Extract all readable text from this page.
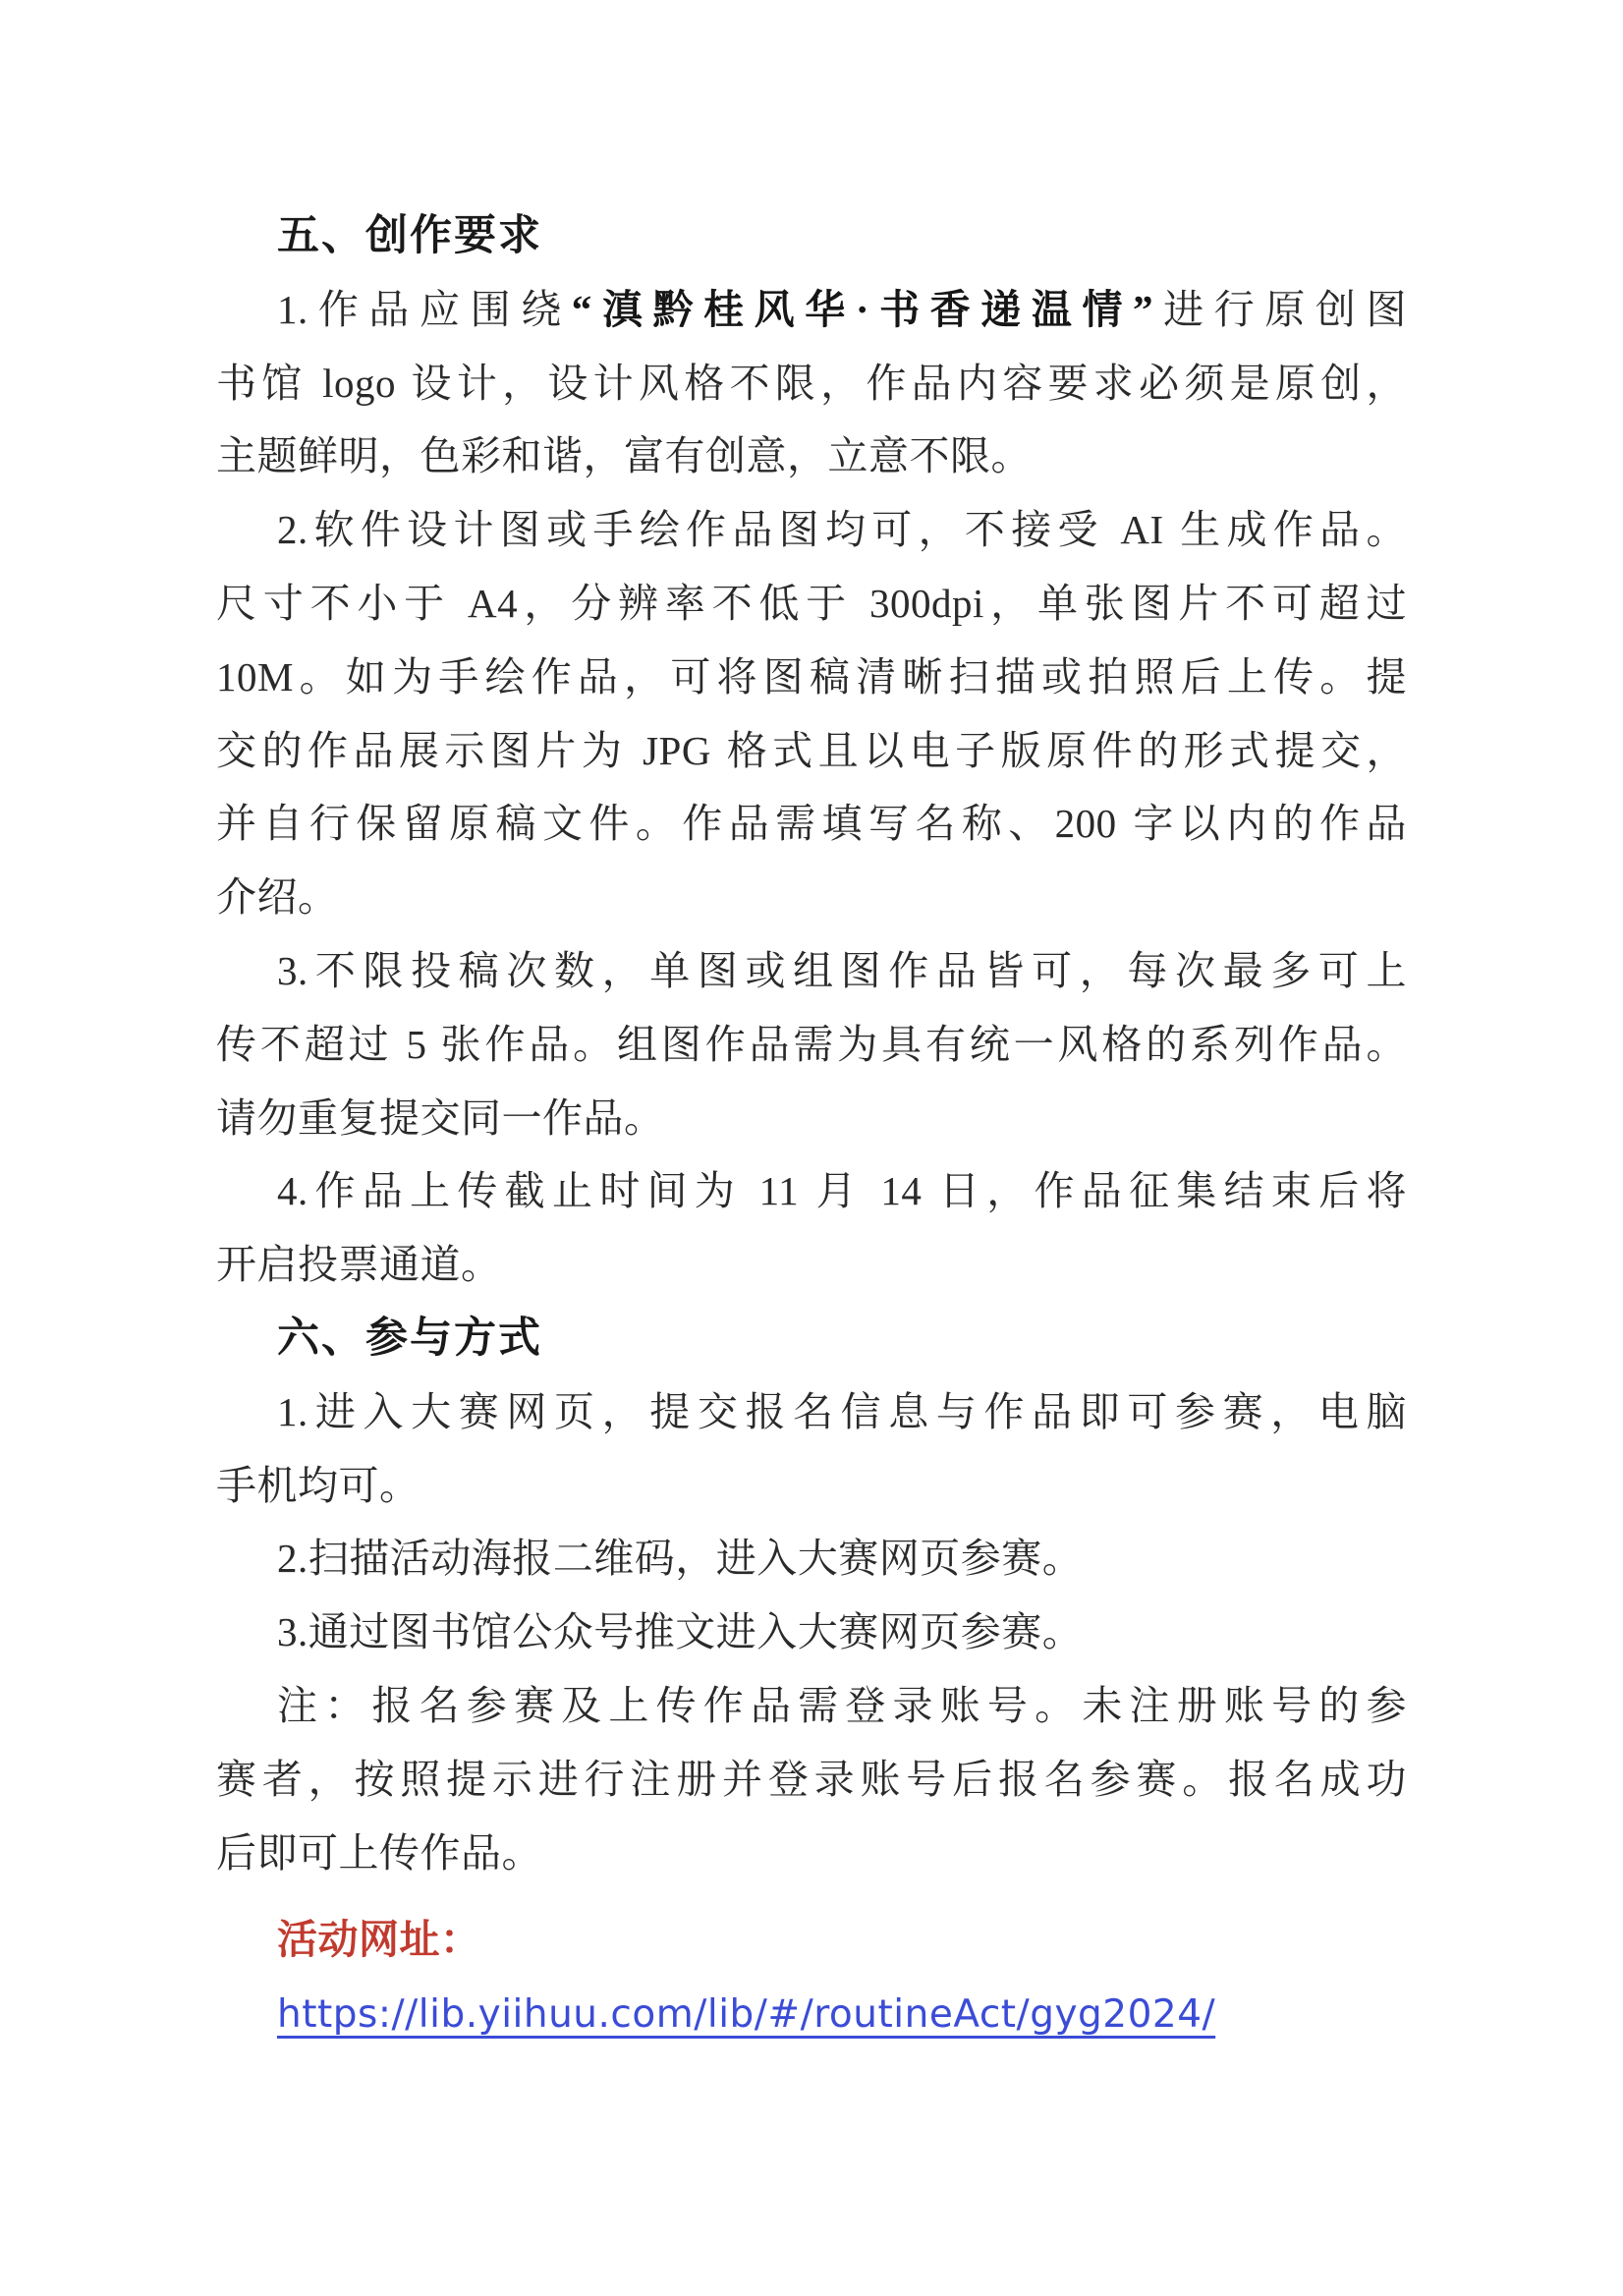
五、创作要求
1.作品应围绕“滇黔桂风华·书香递温情”进行原创图
书馆 logo 设计，设计风格不限，作品内容要求必须是原创，
主题鲜明，色彩和谐，富有创意，立意不限。
2.软件设计图或手绘作品图均可，不接受 AI 生成作品。
尺寸不小于 A4，分辨率不低于 300dpi，单张图片不可超过
10M。如为手绘作品，可将图稿清晰扫描或拍照后上传。提
交的作品展示图片为 JPG 格式且以电子版原件的形式提交，
并自行保留原稿文件。作品需填写名称、200 字以内的作品
介绍。
3.不限投稿次数，单图或组图作品皆可，每次最多可上
传不超过 5 张作品。组图作品需为具有统一风格的系列作品。
请勿重复提交同一作品。
4.作品上传截止时间为 11 月 14 日，作品征集结束后将
开启投票通道。
六、参与方式
1.进入大赛网页，提交报名信息与作品即可参赛，电脑
手机均可。
2.扫描活动海报二维码，进入大赛网页参赛。
3.通过图书馆公众号推文进入大赛网页参赛。
注：报名参赛及上传作品需登录账号。未注册账号的参
赛者，按照提示进行注册并登录账号后报名参赛。报名成功
后即可上传作品。
活动网址：
https://lib.yiihuu.com/lib/#/routineAct/gyg2024/
